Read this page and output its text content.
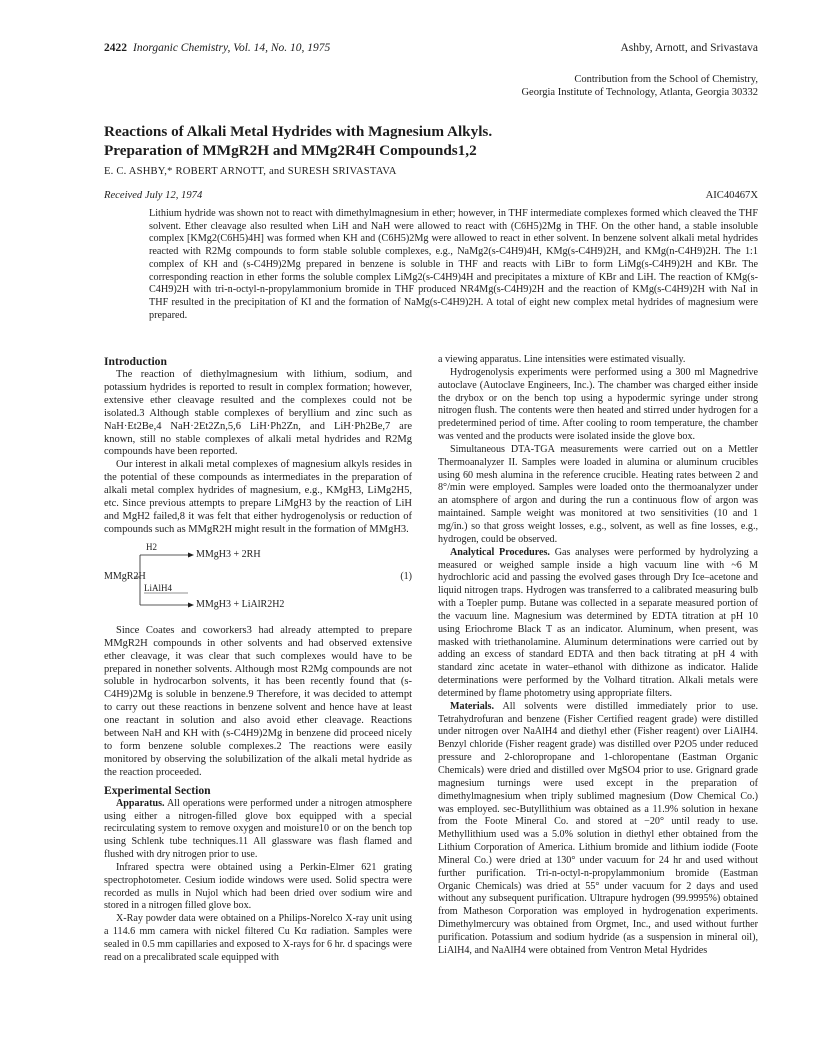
2422 Inorganic Chemistry, Vol. 14, No. 10, 1975	Ashby, Arnott, and Srivastava
Contribution from the School of Chemistry,
Georgia Institute of Technology, Atlanta, Georgia 30332
Reactions of Alkali Metal Hydrides with Magnesium Alkyls.
Preparation of MMgR2H and MMg2R4H Compounds1,2
E. C. ASHBY,* ROBERT ARNOTT, and SURESH SRIVASTAVA
Received July 12, 1974	AIC40467X
Lithium hydride was shown not to react with dimethylmagnesium in ether; however, in THF intermediate complexes formed which cleaved the THF solvent. Ether cleavage also resulted when LiH and NaH were allowed to react with (C6H5)2Mg in THF. On the other hand, a stable insoluble complex [KMg2(C6H5)4H] was formed when KH and (C6H5)2Mg were allowed to react in ether solvent. In benzene solvent alkali metal hydrides reacted with R2Mg compounds to form stable soluble complexes, e.g., NaMg2(s-C4H9)4H, KMg(s-C4H9)2H, and KMg(n-C4H9)2H. The 1:1 complex of KH and (s-C4H9)2Mg prepared in benzene is soluble in THF and reacts with LiBr to form LiMg(s-C4H9)2H and KBr. The corresponding reaction in ether forms the soluble complex LiMg2(s-C4H9)4H and precipitates a mixture of KBr and LiH. The reaction of KMg(s-C4H9)2H with tri-n-octyl-n-propylammonium bromide in THF produced NR4Mg(s-C4H9)2H and the reaction of KMg(s-C4H9)2H with NaI in THF resulted in the precipitation of KI and the formation of NaMg(s-C4H9)2H. A total of eight new complex metal hydrides of magnesium were prepared.
Introduction

The reaction of diethylmagnesium with lithium, sodium, and potassium hydrides is reported to result in complex formation; however, extensive ether cleavage resulted and the complexes could not be isolated.3 Although stable complexes of beryllium and zinc such as NaH·Et2Be,4 NaH·2Et2Zn,5,6 LiH·Ph2Zn, and LiH·Ph2Be,7 are known, still no stable complexes of alkali metal hydrides and R2Mg compounds have been reported.

Our interest in alkali metal complexes of magnesium alkyls resides in the potential of these compounds as intermediates in the preparation of alkali metal complex hydrides of magnesium, e.g., KMgH3, LiMg2H5, etc. Since previous attempts to prepare LiMgH3 by the reaction of LiH and MgH2 failed,8 it was felt that either hydrogenolysis or reduction of compounds such as MMgR2H might result in the formation of MMgH3.

H2
MMgR2H
MMgH3 + 2RH
LiAlH4
MMgH3 + LiAlR2H2
(1)

Since Coates and coworkers3 had already attempted to prepare MMgR2H compounds in other solvents and had observed extensive ether cleavage, it was clear that such complexes would have to be prepared in nonether solvents. Although most R2Mg compounds are not soluble in hydrocarbon solvents, it has been recently found that (s-C4H9)2Mg is soluble in benzene.9 Therefore, it was decided to attempt to carry out these reactions in benzene solvent and hence have at least one reactant in solution and also avoid ether cleavage. Reactions between NaH and KH with (s-C4H9)2Mg in benzene did proceed nicely to form benzene soluble complexes.2 The reactions were easily monitored by observing the solubilization of the alkali metal hydride as the reaction proceeded.

Experimental Section

Apparatus. All operations were performed under a nitrogen atmosphere using either a nitrogen-filled glove box equipped with a special recirculating system to remove oxygen and moisture10 or on the bench top using Schlenk tube techniques.11 All glassware was flash flamed and flushed with dry nitrogen prior to use.

Infrared spectra were obtained using a Perkin-Elmer 621 grating spectrophotometer. Cesium iodide windows were used. Solid spectra were recorded as mulls in Nujol which had been dried over sodium wire and stored in a nitrogen filled glove box.

X-Ray powder data were obtained on a Philips-Norelco X-ray unit using a 114.6 mm camera with nickel filtered Cu Kα radiation. Samples were sealed in 0.5 mm capillaries and exposed to X-rays for 6 hr. d spacings were read on a precalibrated scale equipped with

a viewing apparatus. Line intensities were estimated visually.

Hydrogenolysis experiments were performed using a 300 ml Magnedrive autoclave (Autoclave Engineers, Inc.). The chamber was charged either inside the drybox or on the bench top using a hypodermic syringe under strong nitrogen flush. The contents were then heated and stirred under hydrogen for a predetermined period of time. After cooling to room temperature, the chamber was vented and the products were isolated inside the glove box.

Simultaneous DTA-TGA measurements were carried out on a Mettler Thermoanalyzer II. Samples were loaded in alumina or aluminum crucibles using 60 mesh alumina in the reference crucible. Heating rates between 2 and 8°/min were employed. Samples were loaded onto the thermoanalyzer under an atomsphere of argon and during the run a continuous flow of argon was maintained. Sample weight was monitored at two sensitivities (10 and 1 mg/in.) so that gross weight losses, e.g., solvent, as well as fine losses, e.g., hydrogen, could be observed.

Analytical Procedures. Gas analyses were performed by hydrolyzing a measured or weighed sample inside a high vacuum line with ~6 M hydrochloric acid and passing the evolved gases through Dry Ice–acetone and liquid nitrogen traps. Hydrogen was transferred to a calibrated measuring bulb with a Toepler pump. Butane was collected in a separate measured portion of the vacuum line. Magnesium was determined by EDTA titration at pH 10 using Eriochrome Black T as an indicator. Aluminum, when present, was masked with triethanolamine. Aluminum determinations were carried out by adding an excess of standard EDTA and then back titrating at pH 4 with standard zinc acetate in water–ethanol with dithizone as indicator. Halide determinations were performed by the Volhard titration. Alkali metals were determined by flame photometry using appropriate filters.

Materials. All solvents were distilled immediately prior to use. Tetrahydrofuran and benzene (Fisher Certified reagent grade) were distilled under nitrogen over NaAlH4 and diethyl ether (Fisher reagent) over LiAlH4. Benzyl chloride (Fisher reagent grade) was distilled over P2O5 under reduced pressure and 2-chloropropane and 1-chloropentane (Eastman Organic Chemicals) were dried and distilled over MgSO4 prior to use. Grignard grade magnesium turnings were used except in the preparation of dimethylmagnesium when triply sublimed magnesium (Dow Chemical Co.) was employed. sec-Butyllithium was obtained as a 11.9% solution in hexane from the Foote Mineral Co. and stored at −20° until ready to use. Methyllithium used was a 5.0% solution in diethyl ether obtained from the Lithium Corporation of America. Lithium bromide and lithium iodide (Foote Mineral Co.) were dried at 130° under vacuum for 24 hr and used without further purification. Tri-n-octyl-n-propylammonium bromide (Eastman Organic Chemicals) was dried at 55° under vacuum for 2 days and used without any subsequent purification. Ultrapure hydrogen (99.9995%) obtained from Matheson Corporation was employed in hydrogenation experiments. Dimethylmercury was obtained from Orgmet, Inc., and used without further purification. Potassium and sodium hydride (as a suspension in mineral oil), LiAlH4, and NaAlH4 were obtained from Ventron Metal Hydrides
